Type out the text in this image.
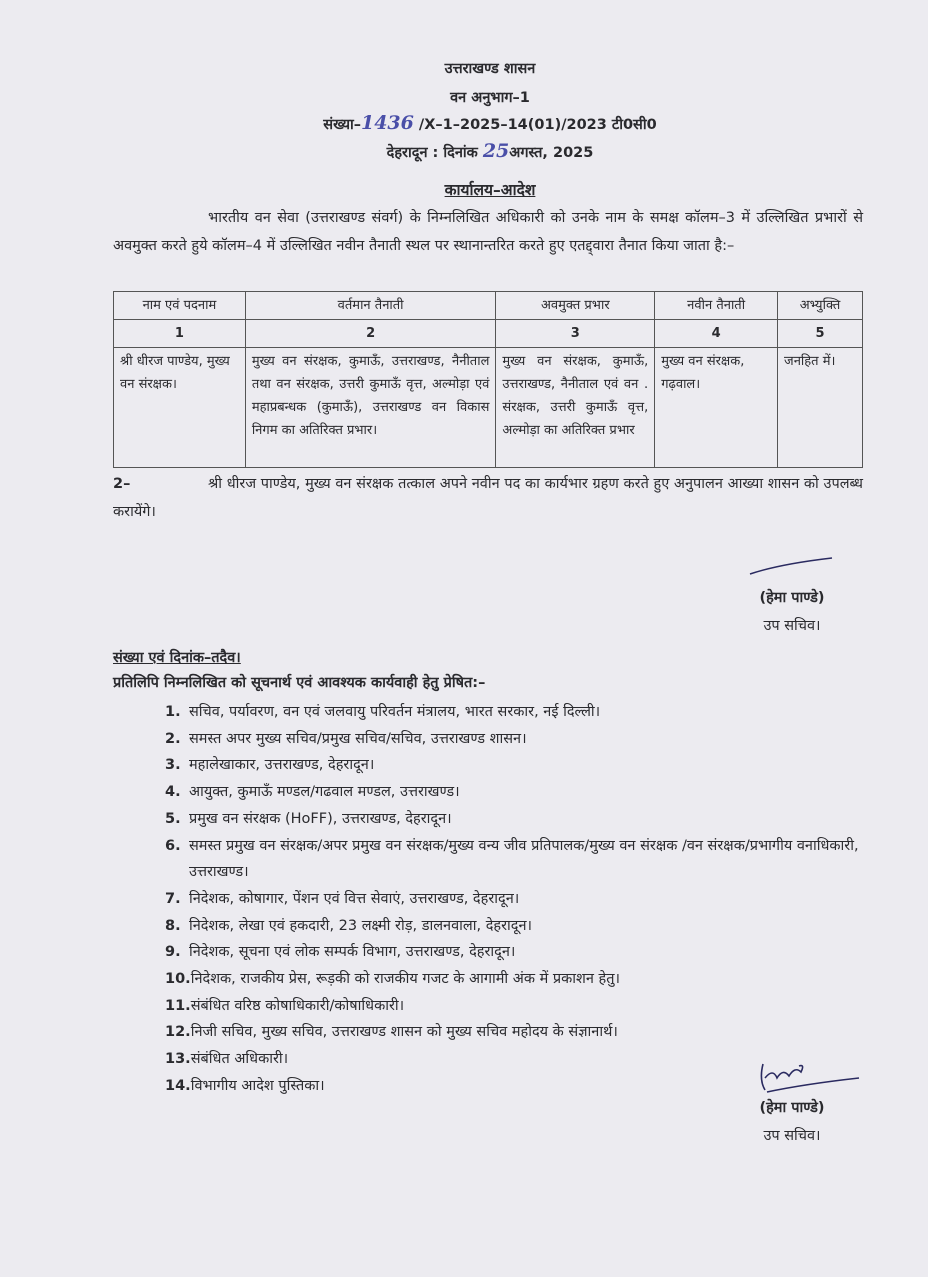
उत्तराखण्ड शासन
वन अनुभाग–1
संख्या–1436 /X–1–2025–14(01)/2023 टी0सी0
देहरादून : दिनांक 25अगस्त, 2025
कार्यालय–आदेश
भारतीय वन सेवा (उत्तराखण्ड संवर्ग) के निम्नलिखित अधिकारी को उनके नाम के समक्ष कॉलम–3 में उल्लिखित प्रभारों से अवमुक्त करते हुये कॉलम–4 में उल्लिखित नवीन तैनाती स्थल पर स्थानान्तरित करते हुए एतद्द्वारा तैनात किया जाता है:–
नाम एवं पदनाम	वर्तमान तैनाती	अवमुक्त प्रभार	नवीन तैनाती	अभ्युक्ति
1	2	3	4	5
श्री धीरज पाण्डेय, मुख्य वन संरक्षक।	मुख्य वन संरक्षक, कुमाऊँ, उत्तराखण्ड, नैनीताल तथा वन संरक्षक, उत्तरी कुमाऊँ वृत्त, अल्मोड़ा एवं महाप्रबन्धक (कुमाऊँ), उत्तराखण्ड वन विकास निगम का अतिरिक्त प्रभार।	मुख्य वन संरक्षक, कुमाऊँ, उत्तराखण्ड, नैनीताल एवं वन . संरक्षक, उत्तरी कुमाऊँ वृत्त, अल्मोड़ा का अतिरिक्त प्रभार	मुख्य वन संरक्षक, गढ़वाल।	जनहित में।
2–	श्री धीरज पाण्डेय, मुख्य वन संरक्षक तत्काल अपने नवीन पद का कार्यभार ग्रहण करते हुए अनुपालन आख्या शासन को उपलब्ध करायेंगे।
(हेमा पाण्डे)
उप सचिव।
संख्या एवं दिनांक–तदैव।
प्रतिलिपि निम्नलिखित को सूचनार्थ एवं आवश्यक कार्यवाही हेतु प्रेषित:–
1. सचिव, पर्यावरण, वन एवं जलवायु परिवर्तन मंत्रालय, भारत सरकार, नई दिल्ली।
2. समस्त अपर मुख्य सचिव/प्रमुख सचिव/सचिव, उत्तराखण्ड शासन।
3. महालेखाकार, उत्तराखण्ड, देहरादून।
4. आयुक्त, कुमाऊँ मण्डल/गढवाल मण्डल, उत्तराखण्ड।
5. प्रमुख वन संरक्षक (HoFF), उत्तराखण्ड, देहरादून।
6. समस्त प्रमुख वन संरक्षक/अपर प्रमुख वन संरक्षक/मुख्य वन्य जीव प्रतिपालक/मुख्य वन संरक्षक /वन संरक्षक/प्रभागीय वनाधिकारी, उत्तराखण्ड।
7. निदेशक, कोषागार, पेंशन एवं वित्त सेवाएं, उत्तराखण्ड, देहरादून।
8. निदेशक, लेखा एवं हकदारी, 23 लक्ष्मी रोड़, डालनवाला, देहरादून।
9. निदेशक, सूचना एवं लोक सम्पर्क विभाग, उत्तराखण्ड, देहरादून।
10. निदेशक, राजकीय प्रेस, रूड़की को राजकीय गजट के आगामी अंक में प्रकाशन हेतु।
11. संबंधित वरिष्ठ कोषाधिकारी/कोषाधिकारी।
12. निजी सचिव, मुख्य सचिव, उत्तराखण्ड शासन को मुख्य सचिव महोदय के संज्ञानार्थ।
13. संबंधित अधिकारी।
14. विभागीय आदेश पुस्तिका।
(हेमा पाण्डे)
उप सचिव।
